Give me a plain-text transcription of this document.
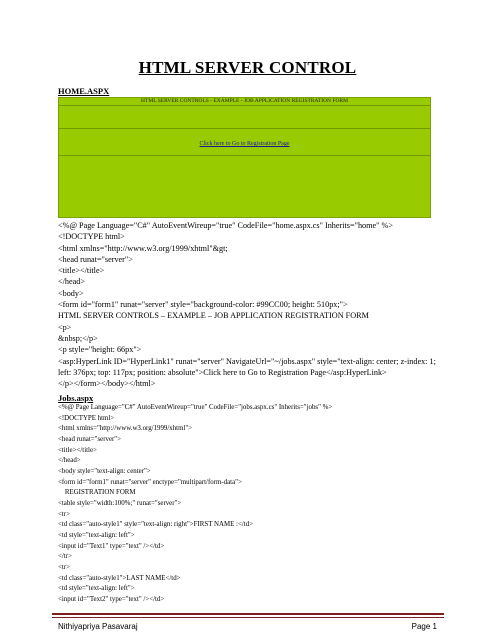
HTML SERVER CONTROL
HOME.ASPX
HTML SERVER CONTROLS - EXAMPLE - JOB APPLICATION REGISTRATION FORM
Click here to Go to Registration Page
<%@ Page Language="C#" AutoEventWireup="true" CodeFile="home.aspx.cs" Inherits="home" %>
<!DOCTYPE html>
<html xmlns="http://www.w3.org/1999/xhtml"&gt;
<head runat="server">
<title></title>
</head>
<body>
<form id="form1" runat="server" style="background-color: #99CC00; height: 510px;">
HTML SERVER CONTROLS – EXAMPLE – JOB APPLICATION REGISTRATION FORM
<p>
&nbsp;</p>
<p style="height: 66px">
<asp:HyperLink ID="HyperLink1" runat="server" NavigateUrl="~/jobs.aspx" style="text-align: center; z-index: 1; left: 376px; top: 117px; position: absolute">Click here to Go to Registration Page</asp:HyperLink>
</p></form></body></html>
Jobs.aspx
<%@ Page Language="C#" AutoEventWireup="true" CodeFile="jobs.aspx.cs" Inherits="jobs" %>
<!DOCTYPE html>
<html xmlns="http://www.w3.org/1999/xhtml">
<head runat="server">
<title></title>
</head>
<body style="text-align: center">
<form id="form1" runat="server" enctype="multipart/form-data">
REGISTRATION FORM
<table style="width:100%;" runat="server">
<tr>
<td class="auto-style1" style="text-align: right">FIRST NAME :</td>
<td style="text-align: left">
<input id="Text1" type="text" /></td>
</tr>
<tr>
<td class="auto-style1">LAST NAME</td>
<td style="text-align: left">
<input id="Text2" type="text" /></td>
Nithiyapriya Pasavaraj	Page 1
